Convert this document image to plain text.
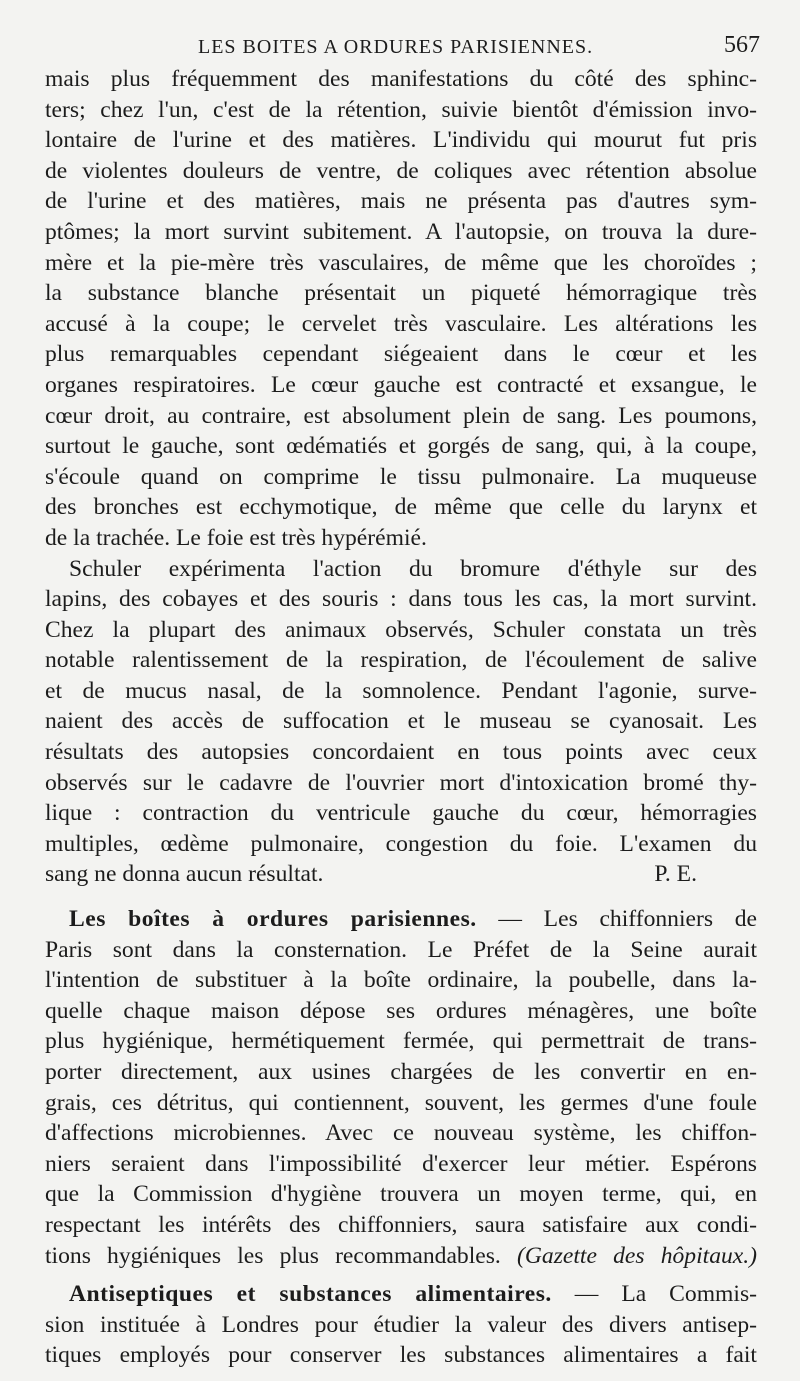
LES BOITES A ORDURES PARISIENNES.	567
mais plus fréquemment des manifestations du côté des sphinc-
ters; chez l'un, c'est de la rétention, suivie bientôt d'émission invo-
lontaire de l'urine et des matières. L'individu qui mourut fut pris
de violentes douleurs de ventre, de coliques avec rétention absolue
de l'urine et des matières, mais ne présenta pas d'autres sym-
ptômes; la mort survint subitement. A l'autopsie, on trouva la dure-
mère et la pie-mère très vasculaires, de même que les choroïdes ;
la substance blanche présentait un piqueté hémorragique très
accusé à la coupe; le cervelet très vasculaire. Les altérations les
plus remarquables cependant siégeaient dans le cœur et les
organes respiratoires. Le cœur gauche est contracté et exsangue, le
cœur droit, au contraire, est absolument plein de sang. Les poumons,
surtout le gauche, sont œdématiés et gorgés de sang, qui, à la coupe,
s'écoule quand on comprime le tissu pulmonaire. La muqueuse
des bronches est ecchymotique, de même que celle du larynx et
de la trachée. Le foie est très hypérémié.
Schuler expérimenta l'action du bromure d'éthyle sur des
lapins, des cobayes et des souris : dans tous les cas, la mort survint.
Chez la plupart des animaux observés, Schuler constata un très
notable ralentissement de la respiration, de l'écoulement de salive
et de mucus nasal, de la somnolence. Pendant l'agonie, surve-
naient des accès de suffocation et le museau se cyanosait. Les
résultats des autopsies concordaient en tous points avec ceux
observés sur le cadavre de l'ouvrier mort d'intoxication bromé thy-
lique : contraction du ventricule gauche du cœur, hémorragies
multiples, œdème pulmonaire, congestion du foie. L'examen du
sang ne donna aucun résultat.	P. E.
Les boîtes à ordures parisiennes. — Les chiffonniers de
Paris sont dans la consternation. Le Préfet de la Seine aurait
l'intention de substituer à la boîte ordinaire, la poubelle, dans la-
quelle chaque maison dépose ses ordures ménagères, une boîte
plus hygiénique, hermétiquement fermée, qui permettrait de trans-
porter directement, aux usines chargées de les convertir en en-
grais, ces détritus, qui contiennent, souvent, les germes d'une foule
d'affections microbiennes. Avec ce nouveau système, les chiffon-
niers seraient dans l'impossibilité d'exercer leur métier. Espérons
que la Commission d'hygiène trouvera un moyen terme, qui, en
respectant les intérêts des chiffonniers, saura satisfaire aux condi-
tions hygiéniques les plus recommandables. (Gazette des hôpitaux.)
Antiseptiques et substances alimentaires. — La Commis-
sion instituée à Londres pour étudier la valeur des divers antisep-
tiques employés pour conserver les substances alimentaires a fait
